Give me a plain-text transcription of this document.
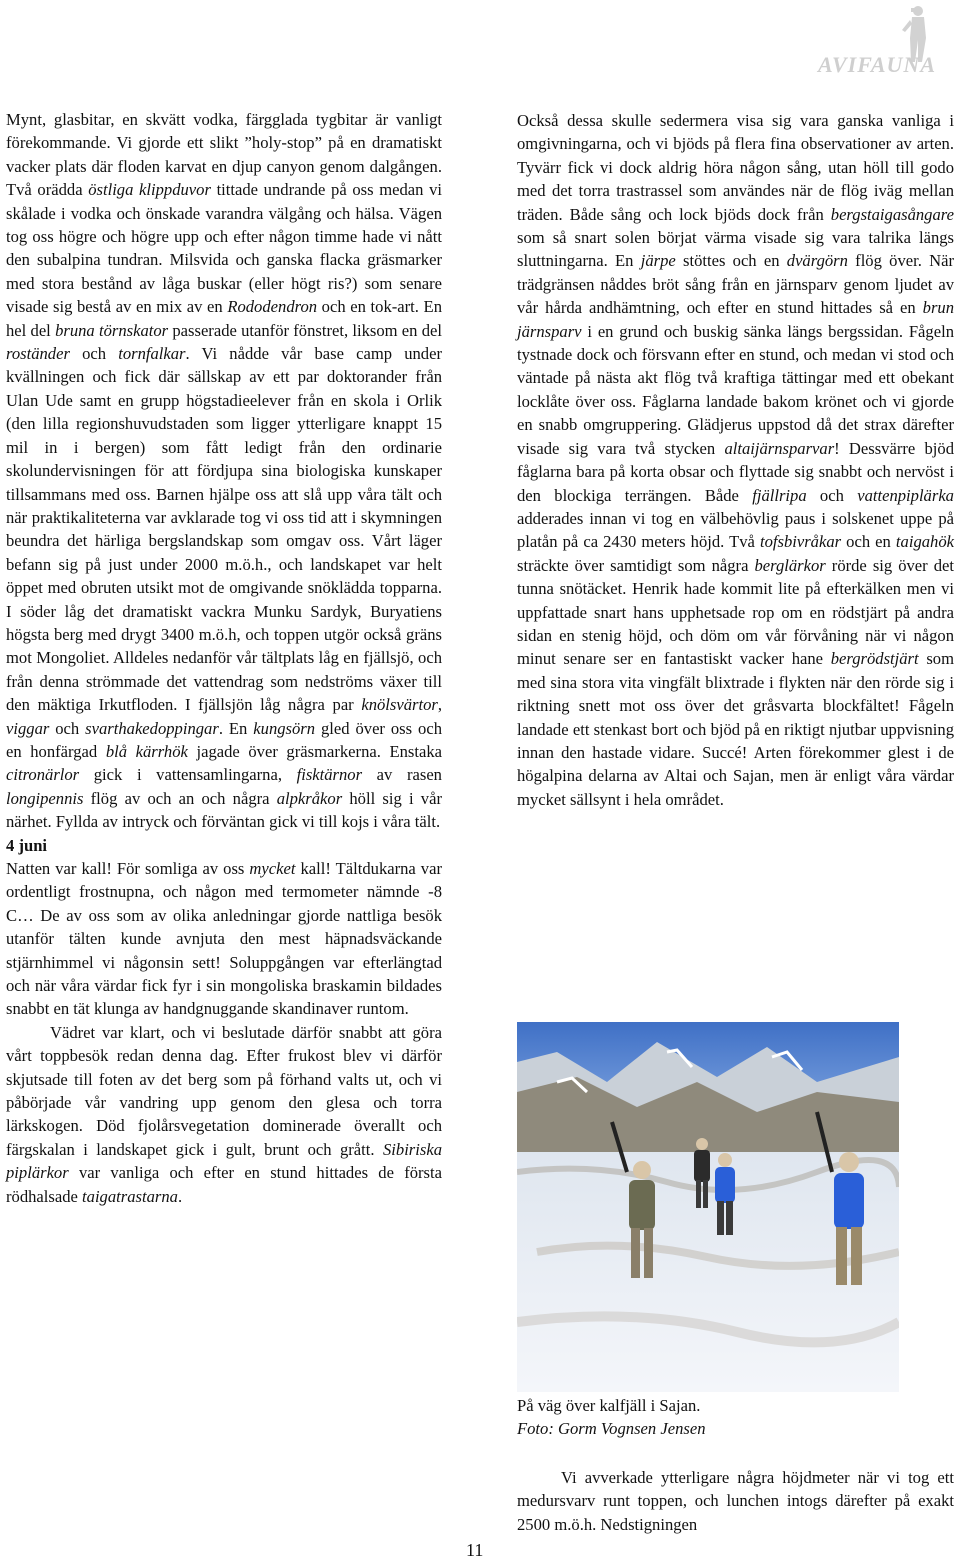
AVIFAUNA

Mynt, glasbitar, en skvätt vodka, färgglada tygbitar är vanligt förekommande. Vi gjorde ett slikt ”holy-stop” på en dramatiskt vacker plats där floden karvat en djup canyon genom dalgången. Två orädda östliga klippduvor tittade undrande på oss medan vi skålade i vodka och önskade varandra välgång och hälsa. Vägen tog oss högre och högre upp och efter någon timme hade vi nått den subalpina tundran. Milsvida och ganska flacka gräsmarker med stora bestånd av låga buskar (eller högt ris?) som senare visade sig bestå av en mix av en Rododendron och en tok-art. En hel del bruna törnskator passerade utanför fönstret, liksom en del roständer och tornfalkar. Vi nådde vår base camp under kvällningen och fick där sällskap av ett par doktorander från Ulan Ude samt en grupp högstadieelever från en skola i Orlik (den lilla regionshuvudstaden som ligger ytterligare knappt 15 mil in i bergen) som fått ledigt från den ordinarie skolundervisningen för att fördjupa sina biologiska kunskaper tillsammans med oss. Barnen hjälpe oss att slå upp våra tält och när praktikaliteterna var avklarade tog vi oss tid att i skymningen beundra det härliga bergslandskap som omgav oss. Vårt läger befann sig på just under 2000 m.ö.h., och landskapet var helt öppet med obruten utsikt mot de omgivande snöklädda topparna. I söder låg det dramatiskt vackra Munku Sardyk, Buryatiens högsta berg med drygt 3400 m.ö.h, och toppen utgör också gräns mot Mongoliet. Alldeles nedanför vår tältplats låg en fjällsjö, och från denna strömmade det vattendrag som nedströms växer till den mäktiga Irkutfloden. I fjällsjön låg några par knölsvärtor, viggar och svarthakedoppingar. En kungsörn gled över oss och en honfärgad blå kärrhök jagade över gräsmarkerna. Enstaka citronärlor gick i vattensamlingarna, fisktärnor av rasen longipennis flög av och an och några alpkråkor höll sig i vår närhet. Fyllda av intryck och förväntan gick vi till kojs i våra tält.

4 juni

Natten var kall! För somliga av oss mycket kall! Tältdukarna var ordentligt frostnupna, och någon med termometer nämnde -8 C… De av oss som av olika anledningar gjorde nattliga besök utanför tälten kunde avnjuta den mest häpnadsväckande stjärnhimmel vi någonsin sett! Soluppgången var efterlängtad och när våra värdar fick fyr i sin mongoliska braskamin bildades snabbt en tät klunga av handgnuggande skandinaver runtom.

Vädret var klart, och vi beslutade därför snabbt att göra vårt toppbesök redan denna dag. Efter frukost blev vi därför skjutsade till foten av det berg som på förhand valts ut, och vi påbörjade vår vandring upp genom den glesa och torra lärkskogen. Död fjolårsvegetation dominerade överallt och färgskalan i landskapet gick i gult, brunt och grått. Sibiriska piplärkor var vanliga och efter en stund hittades de första rödhalsade taigatrastarna.

Också dessa skulle sedermera visa sig vara ganska vanliga i omgivningarna, och vi bjöds på flera fina observationer av arten. Tyvärr fick vi dock aldrig höra någon sång, utan höll till godo med det torra trastrassel som användes när de flög iväg mellan träden. Både sång och lock bjöds dock från bergstaigasångare som så snart solen börjat värma visade sig vara talrika längs sluttningarna. En järpe stöttes och en dvärgörn flög över. När trädgränsen nåddes bröt sång från en järnsparv genom ljudet av vår hårda andhämtning, och efter en stund hittades så en brun järnsparv i en grund och buskig sänka längs bergssidan. Fågeln tystnade dock och försvann efter en stund, och medan vi stod och väntade på nästa akt flög två kraftiga tättingar med ett obekant locklåte över oss. Fåglarna landade bakom krönet och vi gjorde en snabb omgruppering. Glädjerus uppstod då det strax därefter visade sig vara två stycken altaijärnsparvar! Dessvärre bjöd fåglarna bara på korta obsar och flyttade sig snabbt och nervöst i den blockiga terrängen. Både fjällripa och vattenpiplärka adderades innan vi tog en välbehövlig paus i solskenet uppe på platån på ca 2430 meters höjd. Två tofsbivråkar och en taigahök sträckte över samtidigt som några berglärkor rörde sig över det tunna snötäcket. Henrik hade kommit lite på efterkälken men vi uppfattade snart hans upphetsade rop om en rödstjärt på andra sidan en stenig höjd, och döm om vår förvåning när vi någon minut senare ser en fantastiskt vacker hane bergrödstjärt som med sina stora vita vingfält blixtrade i flykten när den rörde sig i riktning snett mot oss över det gråsvarta blockfältet! Fågeln landade ett stenkast bort och bjöd på en riktigt njutbar uppvisning innan den hastade vidare. Succé! Arten förekommer glest i de högalpina delarna av Altai och Sajan, men är enligt våra värdar mycket sällsynt i hela området.

På väg över kalfjäll i Sajan.
Foto: Gorm Vognsen Jensen

Vi avverkade ytterligare några höjdmeter när vi tog ett medursvarv runt toppen, och lunchen intogs därefter på exakt 2500 m.ö.h. Nedstigningen

11
